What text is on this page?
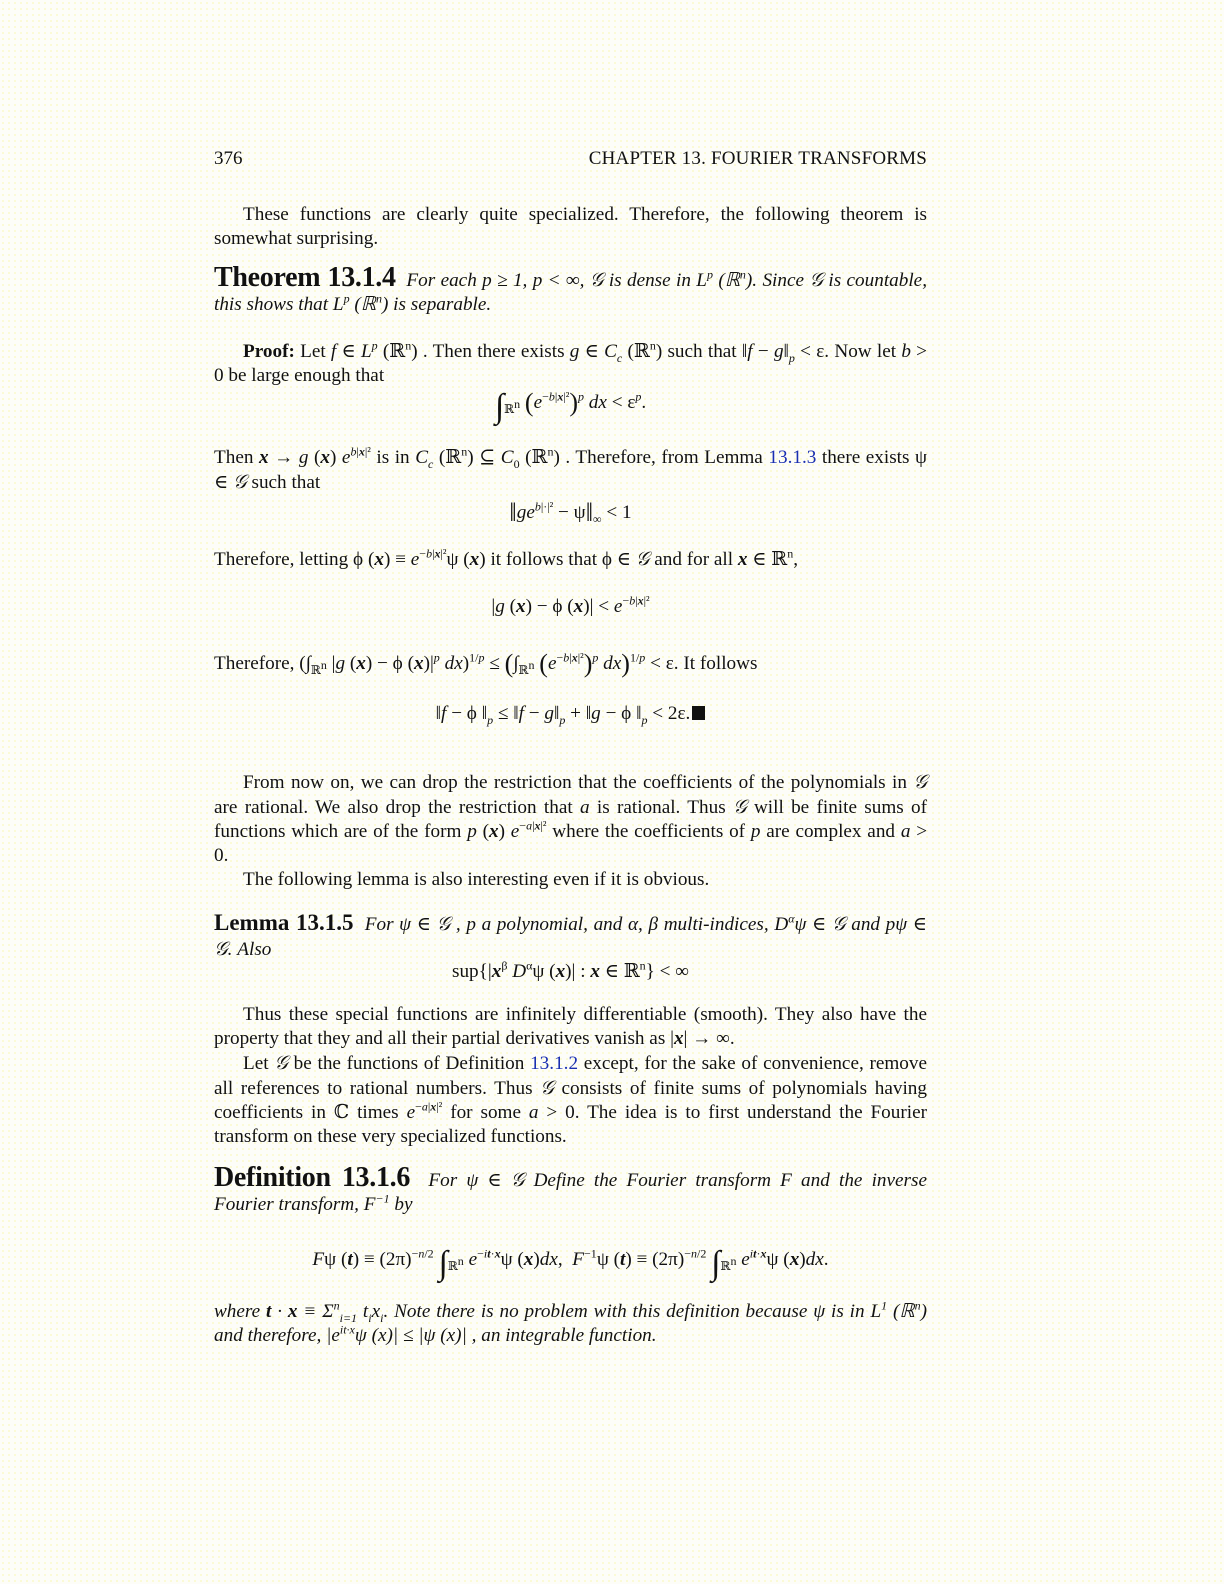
376	CHAPTER 13. FOURIER TRANSFORMS
These functions are clearly quite specialized. Therefore, the following theorem is somewhat surprising.
Theorem 13.1.4  For each p ≥ 1, p < ∞, 𝒢 is dense in $L^p$ (ℝ$^n$). Since 𝒢 is countable, this shows that $L^p$ (ℝ$^n$) is separable.
Proof: Let f ∈ $L^p$ (ℝ$^n$) . Then there exists g ∈ $C_c$ (ℝ$^n$) such that ‖f − $g‖_p < \varepsilon$. Now let b > 0 be large enough that
$\int_{ℝ^n}$ $(e^{-b|x|^2})^p$ dx < $\varepsilon^p$.
Then x → g (x) $e^{b|x|^2}$ is in $C_c$ (ℝ$^n$) ⊆ $C_0$ (ℝ$^n$) . Therefore, from Lemma 13.1.3 there exists ψ ∈ 𝒢 such that
$‖ge^{b|\cdot|^2}$ − $\psi‖_\infty < 1$
Therefore, letting ϕ $(x) \equiv e^{-b|x|^2}\psi$ (x) it follows that ϕ ∈ 𝒢 and for all x ∈ ℝ$^n$,
|g (x) − ϕ $(x)| < e^{-b|x|^2}$
Therefore, ($\int_{ℝ^n}$ |g (x) − ϕ $(x)|^p$ $dx)^{1/p} \le (\int_{ℝ^n}$ $(e^{-b|x|^2})^p$ dx)$^{1/p}$ < ε. It follows
‖f − ϕ $‖_p$ ≤ ‖f − $g‖_p$ + ‖g − ϕ $‖_p < 2\varepsilon$.
From now on, we can drop the restriction that the coefficients of the polynomials in 𝒢 are rational. We also drop the restriction that a is rational. Thus 𝒢 will be finite sums of functions which are of the form p (x) $e^{-a|x|^2}$ where the coefficients of p are complex and a > 0.
The following lemma is also interesting even if it is obvious.
Lemma 13.1.5  For ψ ∈ 𝒢 , p a polynomial, and α, β multi-indices, $D^\alpha\psi$ ∈ 𝒢 and pψ ∈ 𝒢. Also
$sup\{|x^\beta$ $D^\alpha\psi$ (x)| : x ∈ ℝ$^n$} < ∞
Thus these special functions are infinitely differentiable (smooth). They also have the property that they and all their partial derivatives vanish as |x| → ∞.
Let 𝒢 be the functions of Definition 13.1.2 except, for the sake of convenience, remove all references to rational numbers. Thus 𝒢 consists of finite sums of polynomials having coefficients in ℂ times $e^{-a|x|^2}$ for some a > 0. The idea is to first understand the Fourier transform on these very specialized functions.
Definition 13.1.6  For ψ ∈ 𝒢 Define the Fourier transform F and the inverse Fourier transform, $F^{-1}$ by
Fψ $(t) \equiv (2\pi)^{-n/2}$ $\int_{ℝ^n}$ $e^{-it\cdot x}\psi$ (x)dx,  $F^{-1}\psi$ $(t) \equiv (2\pi)^{-n/2}$ $\int_{ℝ^n}$ $e^{it\cdot x}\psi$ (x)dx.
where $t \cdot x \equiv \Sigma^n_{i=1}$ $t_ix_i$. Note there is no problem with this definition because ψ is in $L^1$ (ℝ$^n$) and therefore, $|e^{it\cdot x}\psi$ (x)| ≤ |ψ (x)| , an integrable function.
